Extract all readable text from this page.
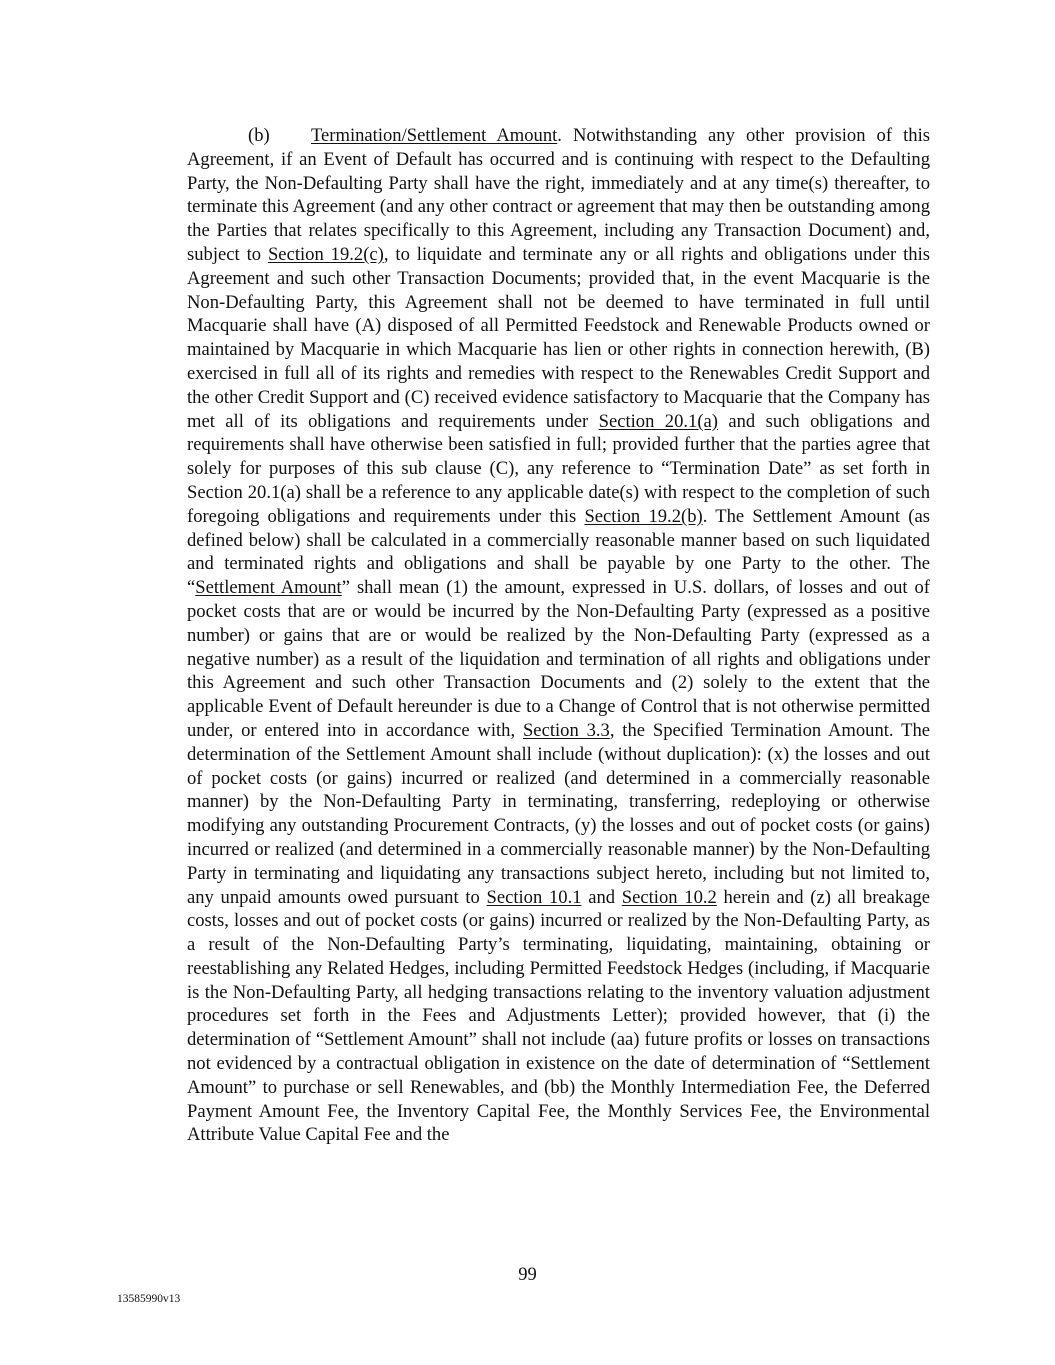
(b) Termination/Settlement Amount. Notwithstanding any other provision of this Agreement, if an Event of Default has occurred and is continuing with respect to the Defaulting Party, the Non-Defaulting Party shall have the right, immediately and at any time(s) thereafter, to terminate this Agreement (and any other contract or agreement that may then be outstanding among the Parties that relates specifically to this Agreement, including any Transaction Document) and, subject to Section 19.2(c), to liquidate and terminate any or all rights and obligations under this Agreement and such other Transaction Documents; provided that, in the event Macquarie is the Non-Defaulting Party, this Agreement shall not be deemed to have terminated in full until Macquarie shall have (A) disposed of all Permitted Feedstock and Renewable Products owned or maintained by Macquarie in which Macquarie has lien or other rights in connection herewith, (B) exercised in full all of its rights and remedies with respect to the Renewables Credit Support and the other Credit Support and (C) received evidence satisfactory to Macquarie that the Company has met all of its obligations and requirements under Section 20.1(a) and such obligations and requirements shall have otherwise been satisfied in full; provided further that the parties agree that solely for purposes of this sub clause (C), any reference to “Termination Date” as set forth in Section 20.1(a) shall be a reference to any applicable date(s) with respect to the completion of such foregoing obligations and requirements under this Section 19.2(b). The Settlement Amount (as defined below) shall be calculated in a commercially reasonable manner based on such liquidated and terminated rights and obligations and shall be payable by one Party to the other. The “Settlement Amount” shall mean (1) the amount, expressed in U.S. dollars, of losses and out of pocket costs that are or would be incurred by the Non-Defaulting Party (expressed as a positive number) or gains that are or would be realized by the Non-Defaulting Party (expressed as a negative number) as a result of the liquidation and termination of all rights and obligations under this Agreement and such other Transaction Documents and (2) solely to the extent that the applicable Event of Default hereunder is due to a Change of Control that is not otherwise permitted under, or entered into in accordance with, Section 3.3, the Specified Termination Amount. The determination of the Settlement Amount shall include (without duplication): (x) the losses and out of pocket costs (or gains) incurred or realized (and determined in a commercially reasonable manner) by the Non-Defaulting Party in terminating, transferring, redeploying or otherwise modifying any outstanding Procurement Contracts, (y) the losses and out of pocket costs (or gains) incurred or realized (and determined in a commercially reasonable manner) by the Non-Defaulting Party in terminating and liquidating any transactions subject hereto, including but not limited to, any unpaid amounts owed pursuant to Section 10.1 and Section 10.2 herein and (z) all breakage costs, losses and out of pocket costs (or gains) incurred or realized by the Non-Defaulting Party, as a result of the Non-Defaulting Party’s terminating, liquidating, maintaining, obtaining or reestablishing any Related Hedges, including Permitted Feedstock Hedges (including, if Macquarie is the Non-Defaulting Party, all hedging transactions relating to the inventory valuation adjustment procedures set forth in the Fees and Adjustments Letter); provided however, that (i) the determination of “Settlement Amount” shall not include (aa) future profits or losses on transactions not evidenced by a contractual obligation in existence on the date of determination of “Settlement Amount” to purchase or sell Renewables, and (bb) the Monthly Intermediation Fee, the Deferred Payment Amount Fee, the Inventory Capital Fee, the Monthly Services Fee, the Environmental Attribute Value Capital Fee and the

99
13585990v13
